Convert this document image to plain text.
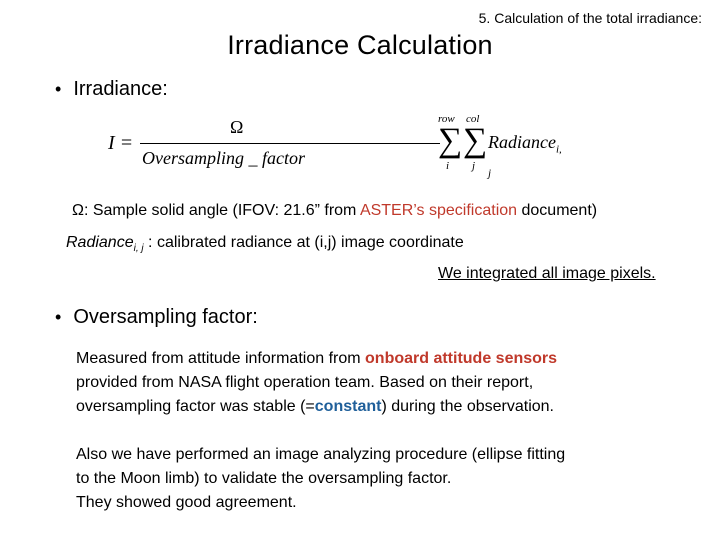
5. Calculation of the total irradiance:
Irradiance Calculation
• Irradiance:
I =
Ω
Oversampling _ factor
row col
∑ ∑
i j
Radiance$_{i, j}$
Ω: Sample solid angle (IFOV: 21.6” from ASTER’s specification document)
Radiance$_{i, j}$ : calibrated radiance at (i,j) image coordinate
We integrated all image pixels.
• Oversampling factor:
Measured from attitude information from onboard attitude sensors
provided from NASA flight operation team. Based on their report,
oversampling factor was stable (=constant) during the observation.
Also we have performed an image analyzing procedure (ellipse fitting
to the Moon limb) to validate the oversampling factor.
They showed good agreement.
